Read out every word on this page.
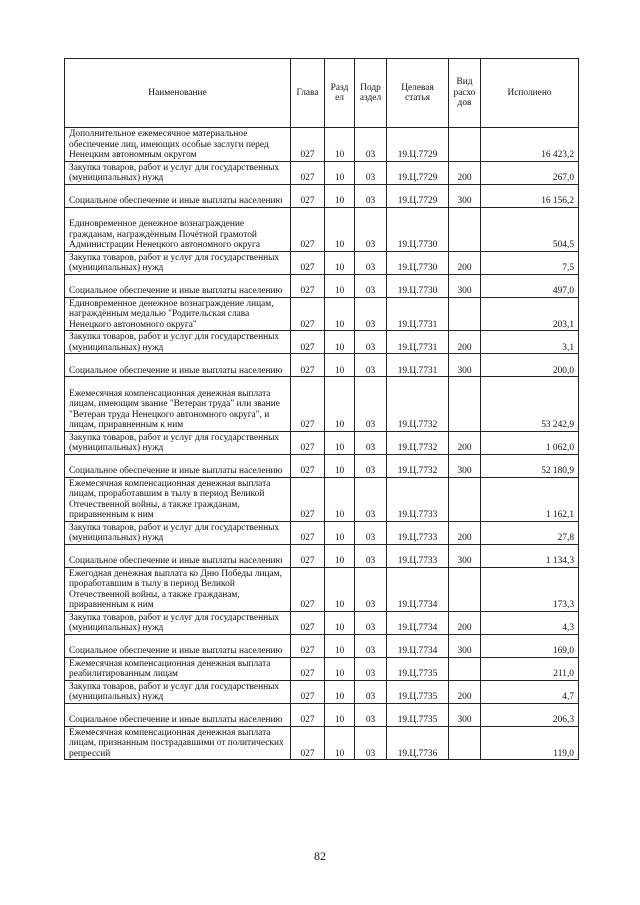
Наименование	Глава	Разд ел	Подр аздел	Целевая статья	Вид расхо дов	Исполнено
Дополнительное ежемесячное материальное обеспечение лиц, имеющих особые заслуги перед Ненецким автономным округом	027	10	03	19.Ц.7729		16 423,2
Закупка товаров, работ и услуг для государственных (муниципальных) нужд	027	10	03	19.Ц.7729	200	267,0
Социальное обеспечение и иные выплаты населению	027	10	03	19.Ц.7729	300	16 156,2
Единовременное денежное вознаграждение гражданам, награждённым Почётной грамотой Администрации Ненецкого автономного округа	027	10	03	19.Ц.7730		504,5
Закупка товаров, работ и услуг для государственных (муниципальных) нужд	027	10	03	19.Ц.7730	200	7,5
Социальное обеспечение и иные выплаты населению	027	10	03	19.Ц.7730	300	497,0
Единовременное денежное вознаграждение лицам, награждённым медалью "Родительская слава Ненецкого автономного округа"	027	10	03	19.Ц.7731		203,1
Закупка товаров, работ и услуг для государственных (муниципальных) нужд	027	10	03	19.Ц.7731	200	3,1
Социальное обеспечение и иные выплаты населению	027	10	03	19.Ц.7731	300	200,0
Ежемесячная компенсационная денежная выплата лицам, имеющим звание "Ветеран труда" или звание "Ветеран труда Ненецкого автономного округа", и лицам, приравненным к ним	027	10	03	19.Ц.7732		53 242,9
Закупка товаров, работ и услуг для государственных (муниципальных) нужд	027	10	03	19.Ц.7732	200	1 062,0
Социальное обеспечение и иные выплаты населению	027	10	03	19.Ц.7732	300	52 180,9
Ежемесячная компенсационная денежная выплата лицам, проработавшим в тылу в период Великой Отечественной войны, а также гражданам, приравненным к ним	027	10	03	19.Ц.7733		1 162,1
Закупка товаров, работ и услуг для государственных (муниципальных) нужд	027	10	03	19.Ц.7733	200	27,8
Социальное обеспечение и иные выплаты населению	027	10	03	19.Ц.7733	300	1 134,3
Ежегодная денежная выплата ко Дню Победы лицам, проработавшим в тылу в период Великой Отечественной войны, а также гражданам, приравненным к ним	027	10	03	19.Ц.7734		173,3
Закупка товаров, работ и услуг для государственных (муниципальных) нужд	027	10	03	19.Ц.7734	200	4,3
Социальное обеспечение и иные выплаты населению	027	10	03	19.Ц.7734	300	169,0
Ежемесячная компенсационная денежная выплата реабилитированным лицам	027	10	03	19.Ц.7735		211,0
Закупка товаров, работ и услуг для государственных (муниципальных) нужд	027	10	03	19.Ц.7735	200	4,7
Социальное обеспечение и иные выплаты населению	027	10	03	19.Ц.7735	300	206,3
Ежемесячная компенсационная денежная выплата лицам, признанным пострадавшими от политических репрессий	027	10	03	19.Ц.7736		119,0
82
